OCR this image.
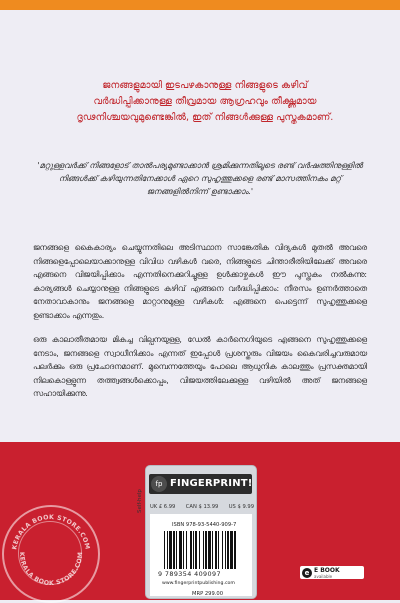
ജനങ്ങളുമായി ഇടപഴകാനുള്ള നിങ്ങളുടെ കഴിവ് വർദ്ധിപ്പിക്കാനുള്ള തീവ്രമായ ആഗ്രഹവും തീക്ഷ്ണമായ ദൃഢനിശ്ചയവുമുണ്ടെങ്കിൽ, ഇത് നിങ്ങൾക്കുള്ള പുസ്തകമാണ്.
'മറ്റുള്ളവർക്ക് നിങ്ങളോട് താൽപര്യമുണ്ടാക്കാൻ ശ്രമിക്കുന്നതിലൂടെ രണ്ട് വർഷത്തിനുള്ളിൽ നിങ്ങൾക്ക് കഴിയുന്നതിനേക്കാൾ ഏറെ സുഹൃത്തുക്കളെ രണ്ട് മാസത്തിനകം മറ്റ് ജനങ്ങളിൽനിന്ന് ഉണ്ടാക്കാം.'
ജനങ്ങളെ കൈകാര്യം ചെയ്യുന്നതിലെ അടിസ്ഥാന സാങ്കേതിക വിദ്യകൾ മുതൽ അവരെ നിങ്ങളെപ്പോലെയാക്കാനുള്ള വിവിധ വഴികൾ വരെ, നിങ്ങളുടെ ചിന്താരീതിയിലേക്ക് അവരെ എങ്ങനെ വിജയിപ്പിക്കാം എന്നതിനെക്കുറിച്ചുള്ള ഉൾക്കാഴ്ചകൾ ഈ പുസ്തകം നൽകുന്നു: കാര്യങ്ങൾ ചെയ്യാനുള്ള നിങ്ങളുടെ കഴിവ് എങ്ങനെ വർദ്ധിപ്പിക്കാം: നീരസം ഉണർത്താതെ നേതാവാകാനും ജനങ്ങളെ മാറ്റാനുമുള്ള വഴികൾ: എങ്ങനെ പെട്ടെന്ന് സുഹൃത്തുക്കളെ ഉണ്ടാക്കാം എന്നതും.
ഒരു കാലാതീതമായ മികച്ച വില്പനയുള്ള, ഡേൽ കാർനെഗിയുടെ എങ്ങനെ സുഹൃത്തുക്കളെ നേടാം, ജനങ്ങളെ സ്വാധീനിക്കാം എന്നത് ഇപ്പോൾ പ്രശസ്തരും വിജയം കൈവരിച്ചവരുമായ പലർക്കും ഒരു പ്രചോദനമാണ്. മുമ്പെന്നത്തേയും പോലെ ആധുനിക കാലത്തും പ്രസക്തമായി നിലകൊള്ളുന്ന തത്ത്വങ്ങൾക്കൊപ്പം, വിജയത്തിലേക്കുള്ള വഴിയിൽ അത് ജനങ്ങളെ സഹായിക്കുന്നു.
KERALA BOOK STORE.COM
KERALA BOOK STORE.COM
fp FINGERPRINT!
UK £ 6.99 CAN $ 13.99 US $ 9.99
Self-help
ISBN 978-93-5440-909-7
9 789354 409097
www.fingerprintpublishing.com
MRP 299.00
e E BOOK
available
